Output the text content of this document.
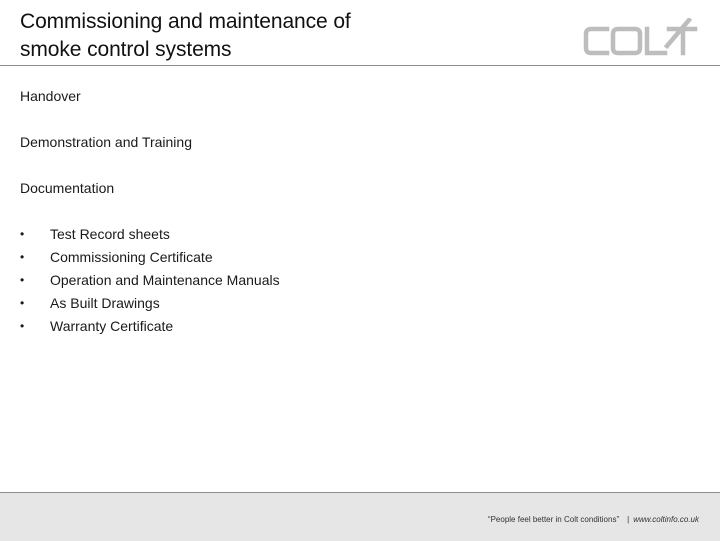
Commissioning and maintenance of
smoke control systems
Handover
Demonstration and Training
Documentation
•	Test Record sheets
•	Commissioning Certificate
•	Operation and Maintenance Manuals
•	As Built Drawings
•	Warranty Certificate
“People feel better in Colt conditions” | www.coltinfo.co.uk
